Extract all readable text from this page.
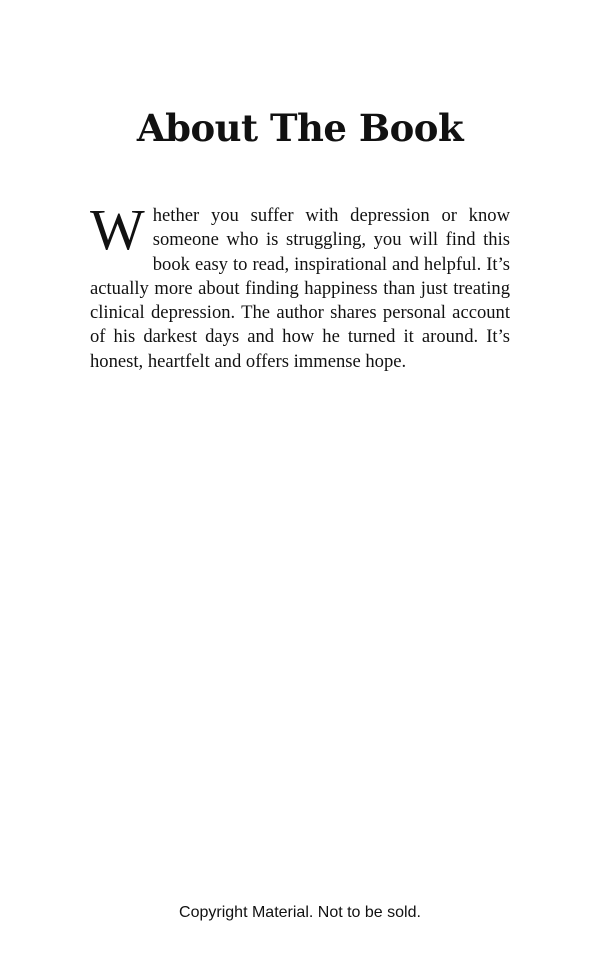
About The Book

Whether you suffer with depression or know someone who is struggling, you will find this book easy to read, inspirational and helpful. It’s actually more about finding happiness than just treating clinical depression. The author shares personal account of his darkest days and how he turned it around. It’s honest, heartfelt and offers immense hope.

Copyright Material. Not to be sold.
